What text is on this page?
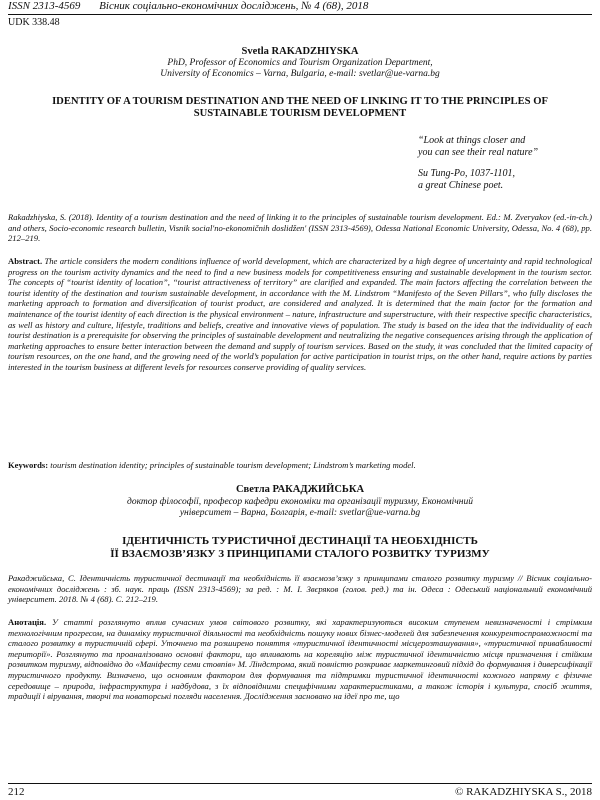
ISSN 2313-4569 Вісник соціально-економічних досліджень, № 4 (68), 2018
UDK 338.48
Svetla RAKADZHIYSKA
PhD, Professor of Economics and Tourism Organization Department,
University of Economics – Varna, Bulgaria, e-mail: svetlar@ue-varna.bg
IDENTITY OF A TOURISM DESTINATION AND THE NEED OF LINKING IT TO THE PRINCIPLES OF SUSTAINABLE TOURISM DEVELOPMENT

“Look at things closer and
you can see their real nature”

Su Tung-Po, 1037-1101,
a great Chinese poet.

Rakadzhiyska, S. (2018). Identity of a tourism destination and the need of linking it to the principles of sustainable tourism development. Ed.: M. Zveryakov (ed.-in-ch.) and others, Socio-economic research bulletin, Visnik social'no-ekonomičnih doslidžen' (ISSN 2313-4569), Odessa National Economic University, Odessa, No. 4 (68), pp. 212–219.
Abstract. The article considers the modern conditions influence of world development, which are characterized by a high degree of uncertainty and rapid technological progress on the tourism activity dynamics and the need to find a new business models for competitiveness ensuring and sustainable development in the tourism sector. The concepts of “tourist identity of location”, “tourist attractiveness of territory” are clarified and expanded. The main factors affecting the correlation between the tourist identity of the destination and tourism sustainable development, in accordance with the M. Lindstrom “Manifesto of the Seven Pillars”, who fully discloses the marketing approach to formation and diversification of tourist product, are considered and analyzed. It is determined that the main factor for the formation and maintenance of the tourist identity of each direction is the physical environment – nature, infrastructure and superstructure, with their respective specific characteristics, as well as history and culture, lifestyle, traditions and beliefs, creative and innovative views of population. The study is based on the idea that the individuality of each tourist destination is a prerequisite for observing the principles of sustainable development and neutralizing the negative consequences arising through the application of marketing approaches to ensure better interaction between the demand and supply of tourism services. Based on the study, it was concluded that the limited capacity of tourism resources, on the one hand, and the growing need of the world’s population for active participation in tourist trips, on the other hand, require actions by parties interested in the tourism business at different levels for resources conserve providing of quality services.
Keywords: tourism destination identity; principles of sustainable tourism development; Lindstrom’s marketing model.
Светла РАКАДЖИЙСЬКА
доктор філософії, професор кафедри економіки та організації туризму, Економічний
університет – Варна, Болгарія, e-mail: svetlar@ue-varna.bg
ІДЕНТИЧНІСТЬ ТУРИСТИЧНОЇ ДЕСТИНАЦІЇ ТА НЕОБХІДНІСТЬ
ЇЇ ВЗАЄМОЗВ’ЯЗКУ З ПРИНЦИПАМИ СТАЛОГО РОЗВИТКУ ТУРИЗМУ
Ракаджийська, С. Ідентичність туристичної дестинації та необхідність її взаємозв’язку з принципами сталого розвитку туризму // Вісник соціально-економічних досліджень : зб. наук. праць (ISSN 2313-4569); за ред. : М. І. Звєряков (голов. ред.) та ін. Одеса : Одеський національний економічний університет. 2018. № 4 (68). С. 212–219.
Анотація. У статті розглянуто вплив сучасних умов світового розвитку, які характеризуються високим ступенем невизначеності і стрімким технологічним прогресом, на динаміку туристичної діяльності та необхідність пошуку нових бізнес-моделей для забезпечення конкурентоспроможності та сталого розвитку в туристичній сфері. Уточнено та розширено поняття «туристичної ідентичності місцерозташування», «туристичної привабливості території». Розглянуто та проаналізовано основні фактори, що впливають на кореляцію між туристичної ідентичністю місця призначення і стійким розвитком туризму, відповідно до «Маніфесту семи стовпів» М. Ліндстрома, який повністю розкриває маркетинговий підхід до формування і диверсифікації туристичного продукту. Визначено, що основним фактором для формування та підтримки туристичної ідентичності кожного напряму є фізичне середовище – природа, інфраструктура і надбудова, з їх відповідними специфічними характеристиками, а також історія і культура, спосіб життя, традиції і вірування, творчі та новаторські погляди населення. Дослідження засновано на ідеї про те, що
212	© RAKADZHIYSKA S., 2018
